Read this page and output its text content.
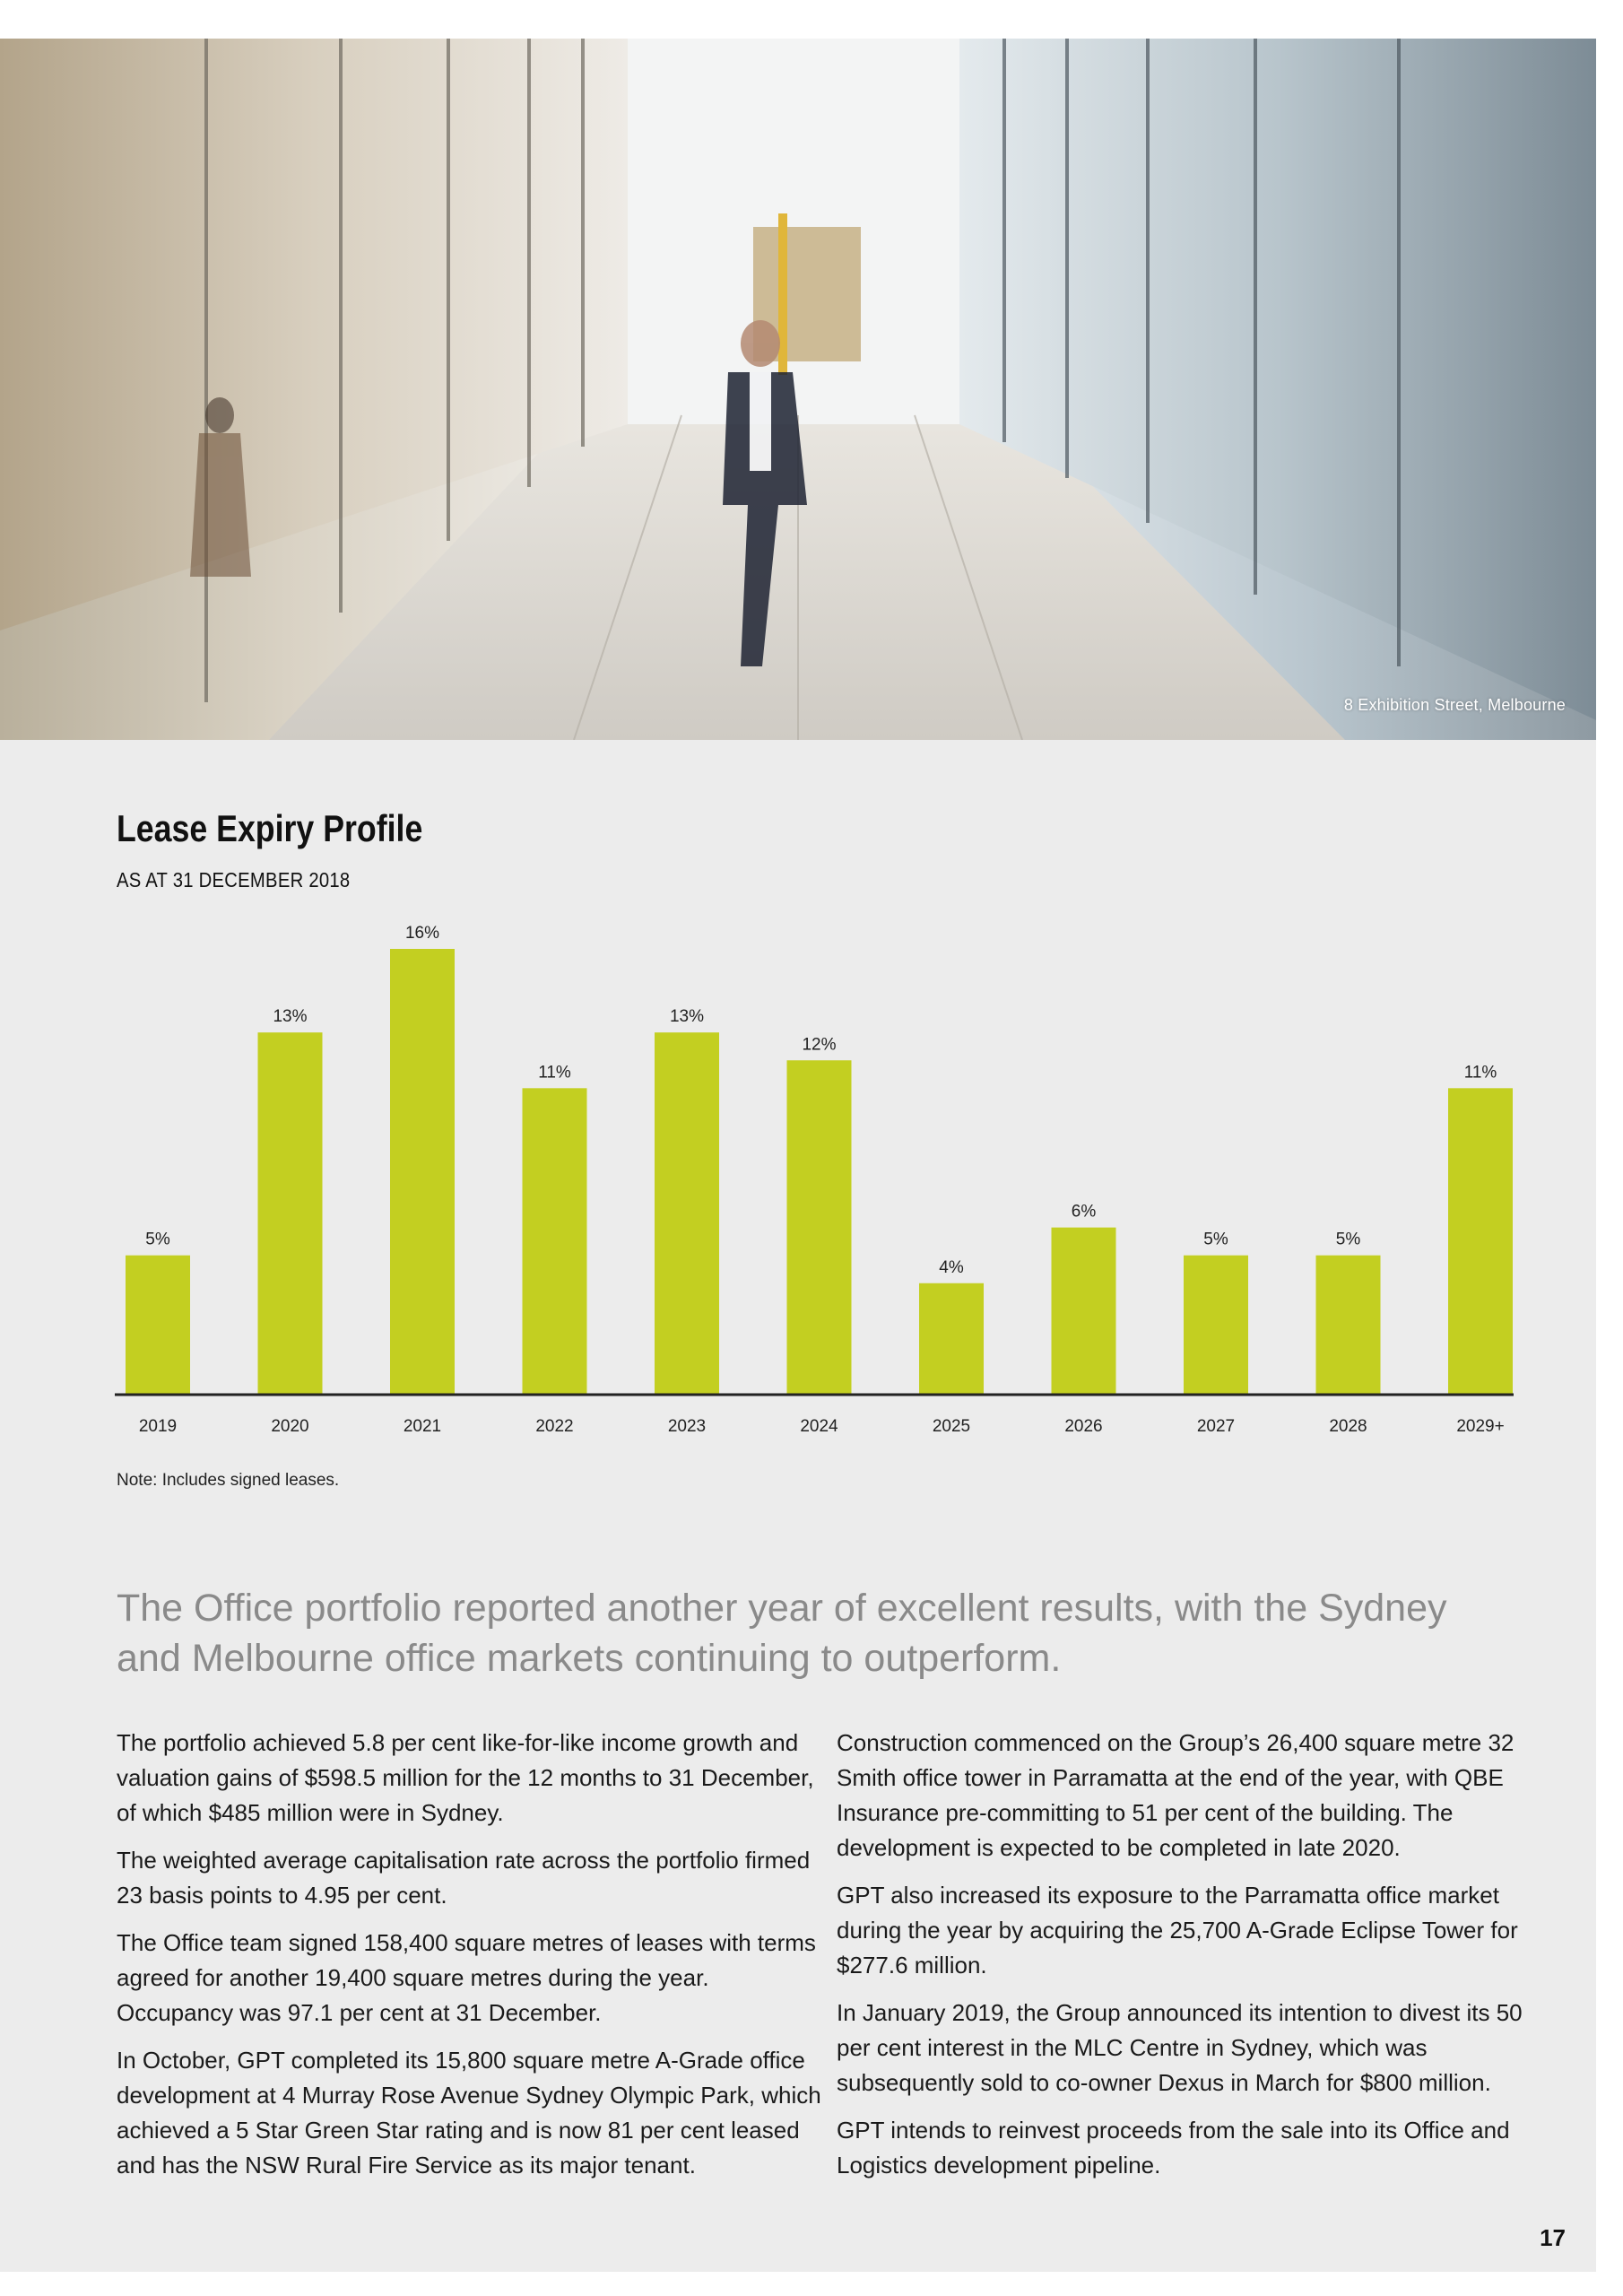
8 Exhibition Street, Melbourne
Lease Expiry Profile
AS AT 31 DECEMBER 2018
5%
2019
13%
2020
16%
2021
11%
2022
13%
2023
12%
2024
4%
2025
6%
2026
5%
2027
5%
2028
11%
2029+
Note: Includes signed leases.

The Office portfolio reported another year of excellent results, with the Sydney and Melbourne office markets continuing to outperform.

The portfolio achieved 5.8 per cent like-for-like income growth and valuation gains of $598.5 million for the 12 months to 31 December, of which $485 million were in Sydney.

The weighted average capitalisation rate across the portfolio firmed 23 basis points to 4.95 per cent.

The Office team signed 158,400 square metres of leases with terms agreed for another 19,400 square metres during the year. Occupancy was 97.1 per cent at 31 December.

In October, GPT completed its 15,800 square metre A-Grade office development at 4 Murray Rose Avenue Sydney Olympic Park, which achieved a 5 Star Green Star rating and is now 81 per cent leased and has the NSW Rural Fire Service as its major tenant.

Construction commenced on the Group’s 26,400 square metre 32 Smith office tower in Parramatta at the end of the year, with QBE Insurance pre-committing to 51 per cent of the building. The development is expected to be completed in late 2020.

GPT also increased its exposure to the Parramatta office market during the year by acquiring the 25,700 A-Grade Eclipse Tower for $277.6 million.

In January 2019, the Group announced its intention to divest its 50 per cent interest in the MLC Centre in Sydney, which was subsequently sold to co-owner Dexus in March for $800 million.

GPT intends to reinvest proceeds from the sale into its Office and Logistics development pipeline.

17
